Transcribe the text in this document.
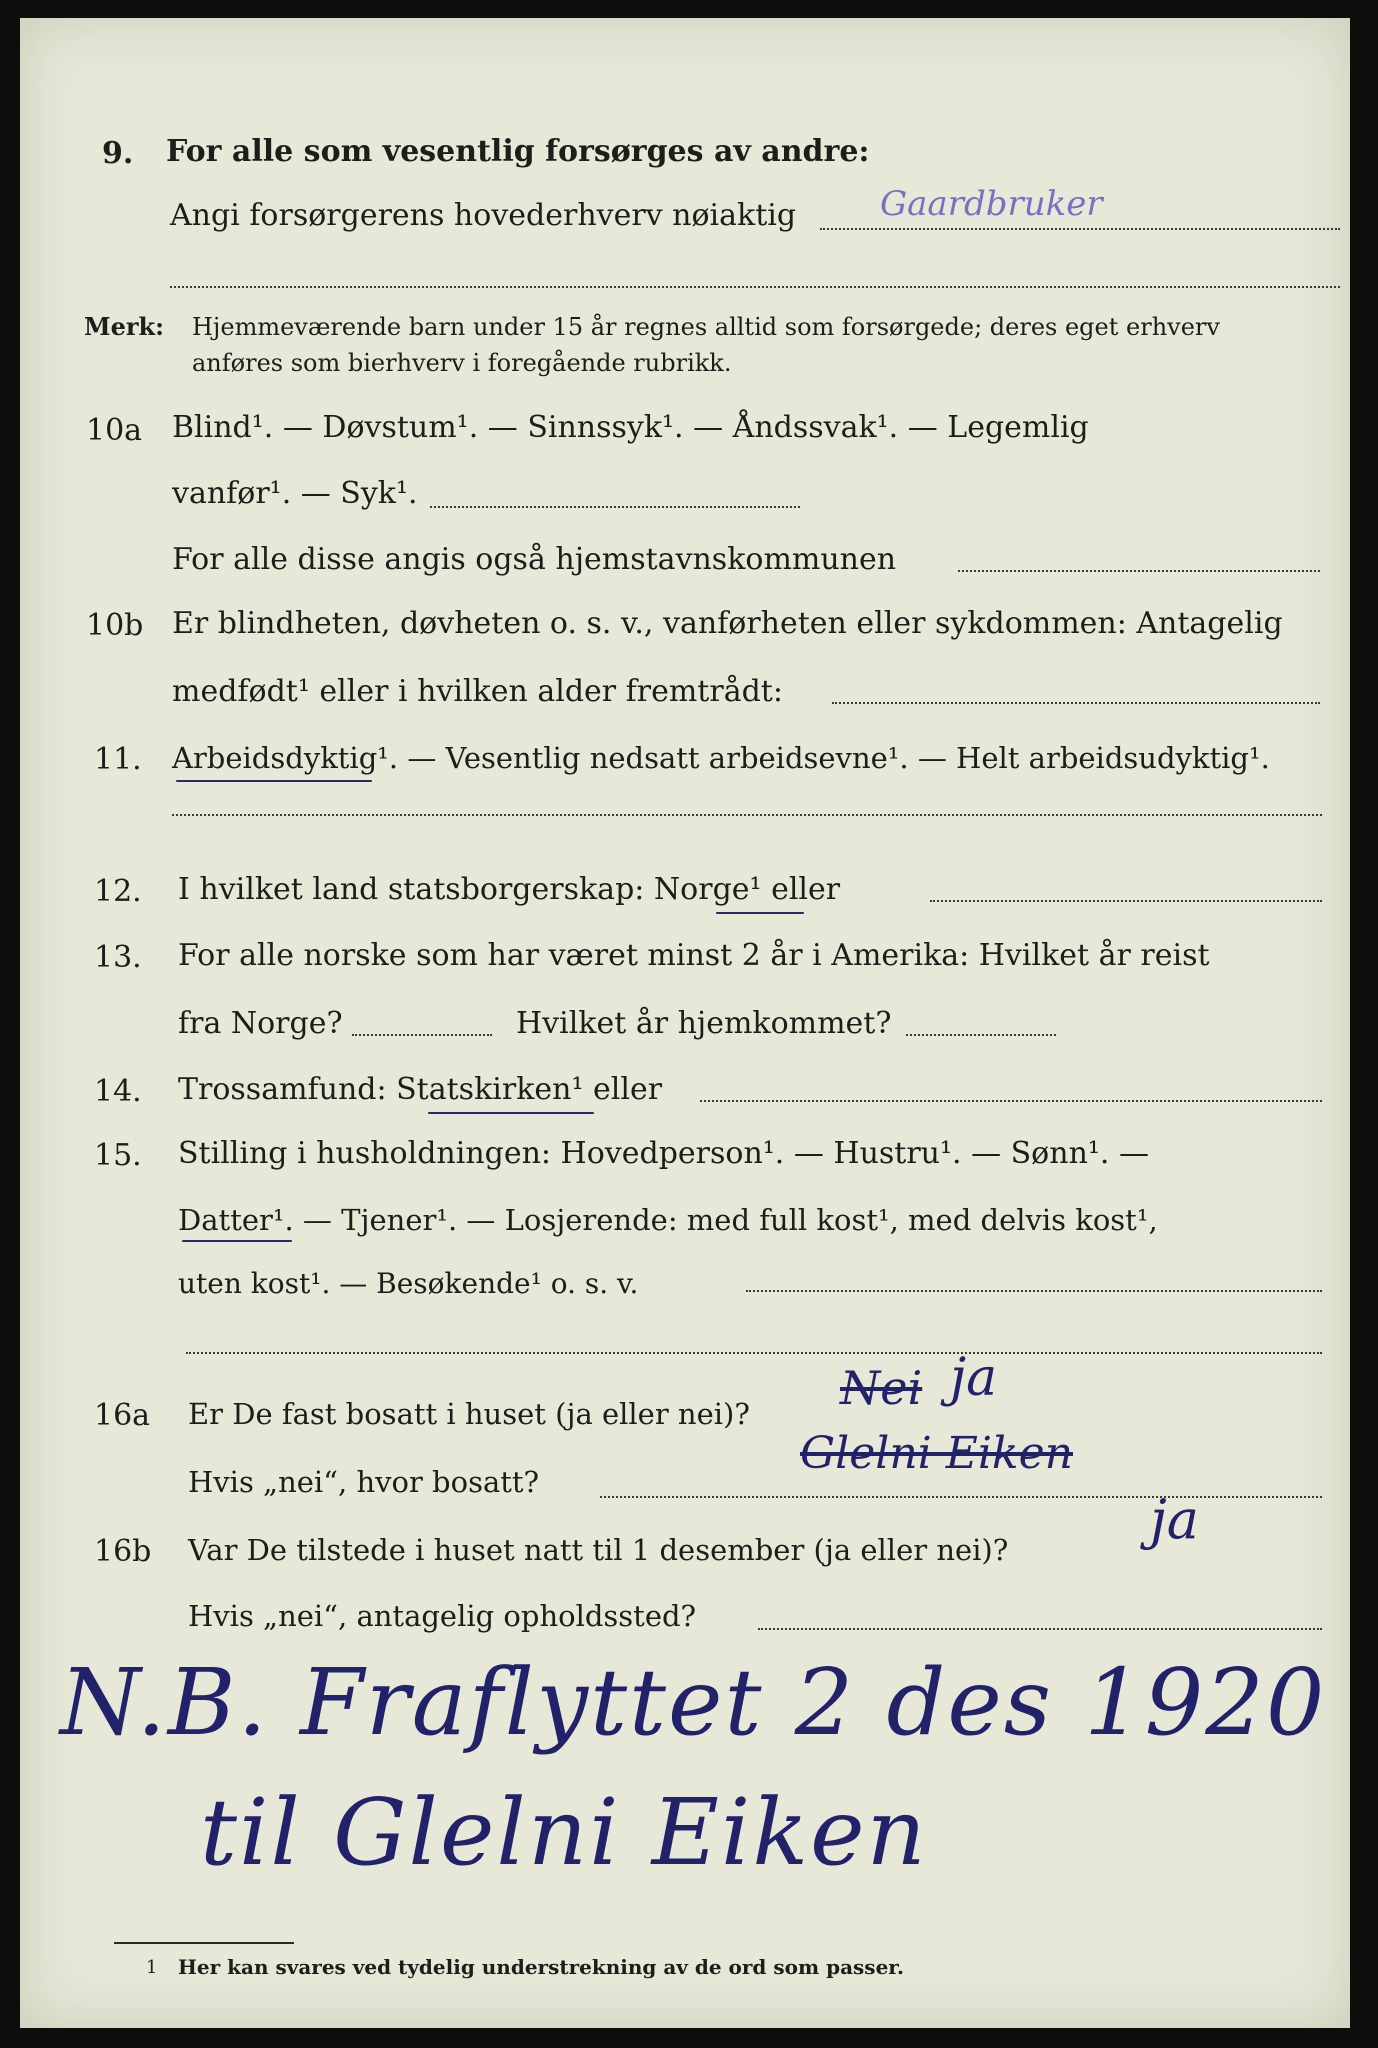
9. For alle som vesentlig forsørges av andre:
Angi forsørgerens hovederhverv nøiaktig Gaardbruker
Merk: Hjemmeværende barn under 15 år regnes alltid som forsørgede; deres eget erhverv
anføres som bierhverv i foregående rubrikk.
10a Blind¹. — Døvstum¹. — Sinnssyk¹. — Åndssvak¹. — Legemlig
vanfør¹. — Syk¹.
For alle disse angis også hjemstavnskommunen
10b Er blindheten, døvheten o. s. v., vanførheten eller sykdommen: Antagelig
medfødt¹ eller i hvilken alder fremtrådt:
11. Arbeidsdyktig¹. — Vesentlig nedsatt arbeidsevne¹. — Helt arbeidsudyktig¹.
12. I hvilket land statsborgerskap: Norge¹ eller
13. For alle norske som har været minst 2 år i Amerika: Hvilket år reist
fra Norge?	Hvilket år hjemkommet?
14. Trossamfund: Statskirken¹ eller
15. Stilling i husholdningen: Hovedperson¹. — Hustru¹. — Sønn¹. —
Datter¹. — Tjener¹. — Losjerende: med full kost¹, med delvis kost¹,
uten kost¹. — Besøkende¹ o. s. v.
16a Er De fast bosatt i huset (ja eller nei)? Nei ja
Hvis „nei“, hvor bosatt?
Glelni Eiken
16b Var De tilstede i huset natt til 1 desember (ja eller nei)?	ja
Hvis „nei“, antagelig opholdssted?
N.B. Fraflyttet 2 des 1920
til Glelni Eiken
1 Her kan svares ved tydelig understrekning av de ord som passer.
